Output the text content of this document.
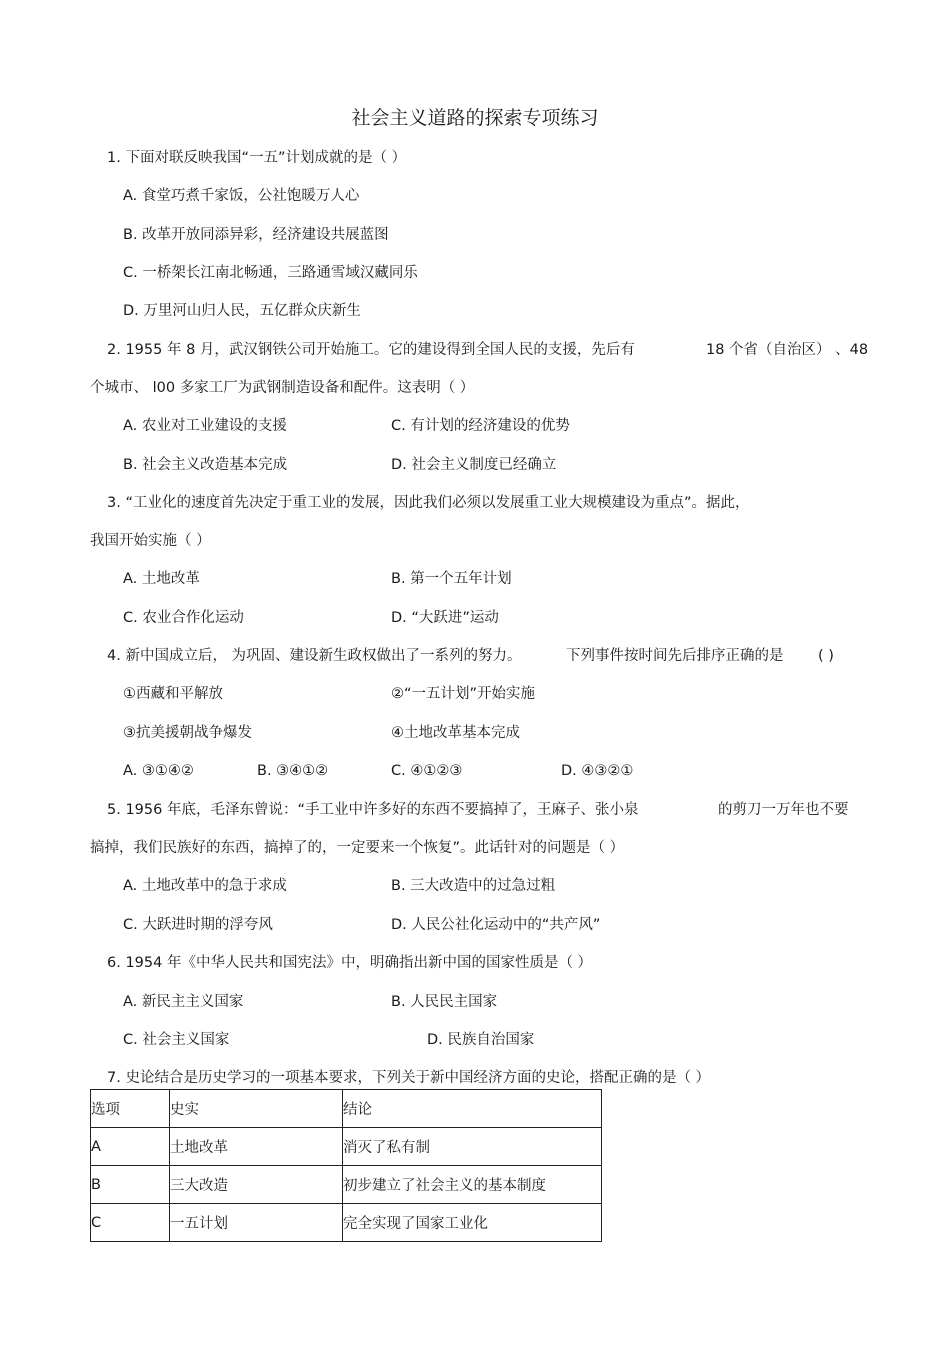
社会主义道路的探索专项练习
1. 下面对联反映我国“一五”计划成就的是（ ）
A. 食堂巧煮千家饭，公社饱暖万人心
B. 改革开放同添异彩，经济建设共展蓝图
C. 一桥架长江南北畅通，三路通雪域汉藏同乐
D. 万里河山归人民，五亿群众庆新生
2. 1955 年 8 月，武汉钢铁公司开始施工。它的建设得到全国人民的支援，先后有	18 个省（自治区） 、48
个城市、 l00 多家工厂为武钢制造设备和配件。这表明（ ）
A. 农业对工业建设的支援	C. 有计划的经济建设的优势
B. 社会主义改造基本完成	D. 社会主义制度已经确立
3. “工业化的速度首先决定于重工业的发展，因此我们必须以发展重工业大规模建设为重点”。据此，
我国开始实施（ ）
A. 土地改革	B. 第一个五年计划
C. 农业合作化运动	D. “大跃进”运动
4. 新中国成立后， 为巩固、建设新生政权做出了一系列的努力。	下列事件按时间先后排序正确的是 ( )
①西藏和平解放	②“一五计划”开始实施
③抗美援朝战争爆发	④土地改革基本完成
A. ③①④②	B. ③④①②	C. ④①②③	D. ④③②①
5. 1956 年底，毛泽东曾说：“手工业中许多好的东西不要搞掉了，王麻子、张小泉	的剪刀一万年也不要
搞掉，我们民族好的东西，搞掉了的，一定要来一个恢复”。此话针对的问题是（ ）
A. 土地改革中的急于求成	B. 三大改造中的过急过粗
C. 大跃进时期的浮夸风	D. 人民公社化运动中的“共产风”
6. 1954 年《中华人民共和国宪法》中，明确指出新中国的国家性质是（ ）
A. 新民主主义国家	B. 人民民主国家
C. 社会主义国家	D. 民族自治国家
7. 史论结合是历史学习的一项基本要求，下列关于新中国经济方面的史论，搭配正确的是（ ）
选项	史实	结论
A	土地改革	消灭了私有制
B	三大改造	初步建立了社会主义的基本制度
C	一五计划	完全实现了国家工业化
